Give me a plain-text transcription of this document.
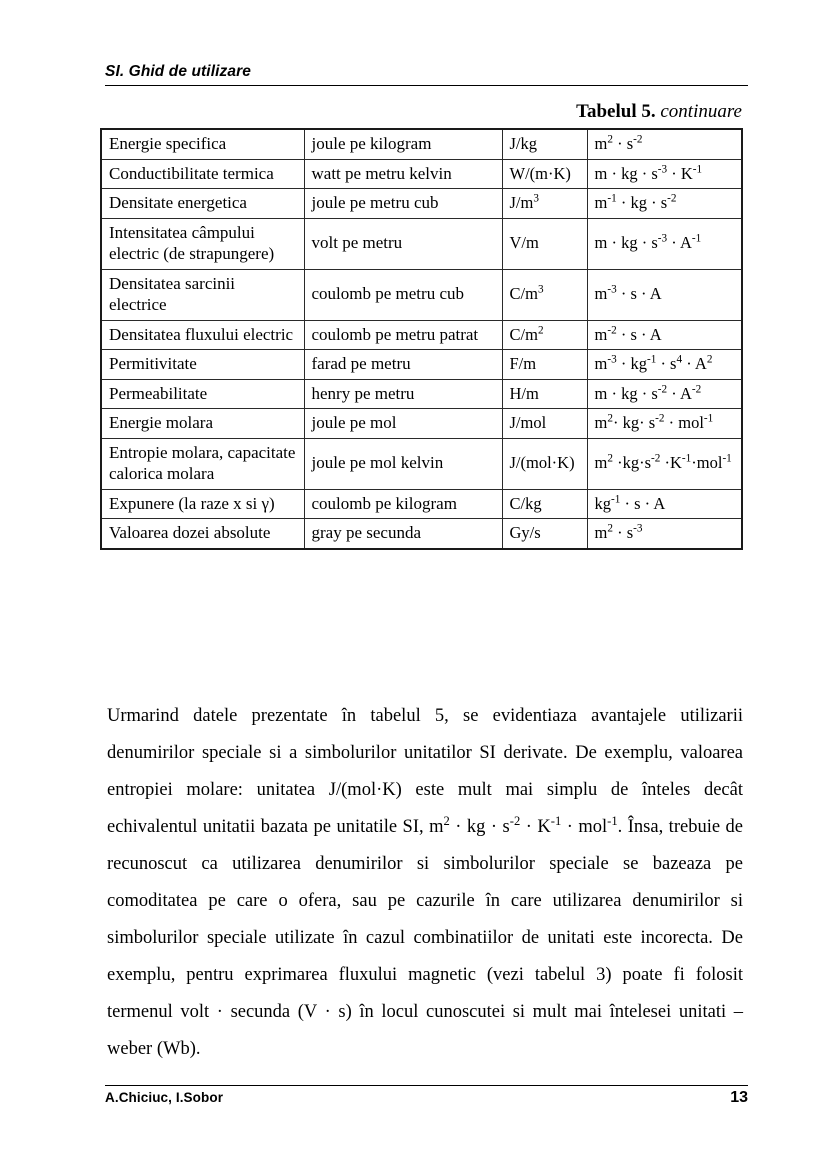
SI. Ghid de utilizare
Tabelul 5. continuare
Energie specifica	joule pe kilogram	J/kg	$m^2 \cdot s^{-2}$
Conductibilitate termica	watt pe metru kelvin	W/(m·K)	m · kg · $s^{-3} \cdot K^{-1}$
Densitate energetica	joule pe metru cub	$J/m^3$	$m^{-1}$ · kg · $s^{-2}$
Intensitatea câmpului electric (de strapungere)	volt pe metru	V/m	m · kg · $s^{-3} \cdot A^{-1}$
Densitatea sarcinii electrice	coulomb pe metru cub	$C/m^3$	$m^{-3} \cdot s \cdot A$
Densitatea fluxului electric	coulomb pe metru patrat	$C/m^2$	$m^{-2} \cdot s \cdot A$
Permitivitate	farad pe metru	F/m	$m^{-3} \cdot kg^{-1} \cdot s^4 \cdot A^2$
Permeabilitate	henry pe metru	H/m	m · kg · $s^{-2} \cdot A^{-2}$
Energie molara	joule pe mol	J/mol	$m^2\cdot kg\cdot s^{-2} \cdot mol^{-1}$
Entropie molara, capacitate calorica molara	joule pe mol kelvin	J/(mol·K)	$m^2 \cdot kg\cdot s^{-2} \cdot K^{-1}\cdot mol^{-1}$
Expunere (la raze x si γ)	coulomb pe kilogram	C/kg	$kg^{-1} \cdot s \cdot A$
Valoarea dozei absolute	gray pe secunda	Gy/s	$m^2 \cdot s^{-3}$
Urmarind datele prezentate în tabelul 5, se evidentiaza avantajele utilizarii denumirilor speciale si a simbolurilor unitatilor SI derivate. De exemplu, valoarea entropiei molare: unitatea J/(mol·K) este mult mai simplu de înteles decât echivalentul unitatii bazata pe unitatile SI, $m^2$ · kg · $s^{-2} \cdot K^{-1} \cdot mol^{-1}$. Însa, trebuie de recunoscut ca utilizarea denumirilor si simbolurilor speciale se bazeaza pe comoditatea pe care o ofera, sau pe cazurile în care utilizarea denumirilor si simbolurilor speciale utilizate în cazul combinatiilor de unitati este incorecta. De exemplu, pentru exprimarea fluxului magnetic (vezi tabelul 3) poate fi folosit termenul volt · secunda (V · s) în locul cunoscutei si mult mai întelesei unitati – weber (Wb).
A.Chiciuc, I.Sobor	13
